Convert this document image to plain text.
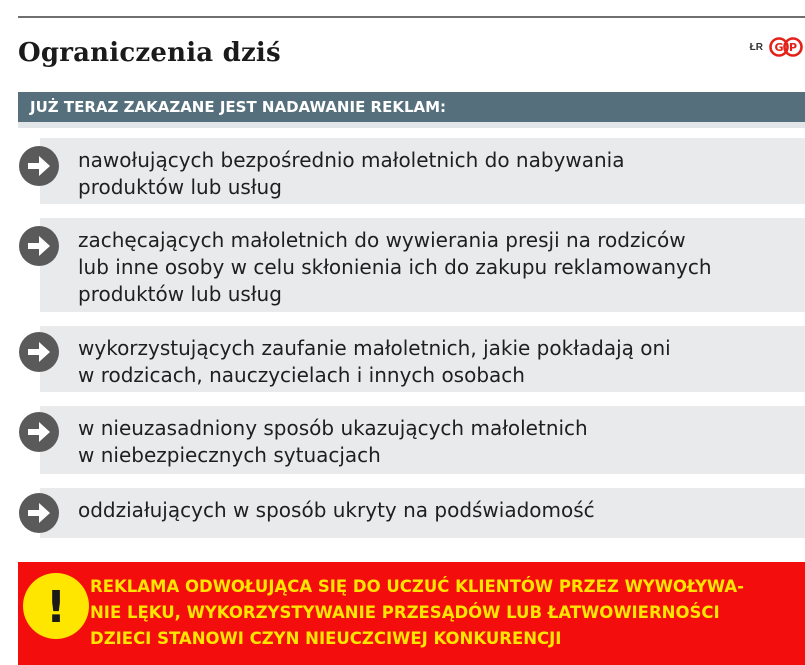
Ograniczenia dziś	ŁR G P
JUŻ TERAZ ZAKAZANE JEST NADAWANIE REKLAM:
nawołujących bezpośrednio małoletnich do nabywania
produktów lub usług
zachęcających małoletnich do wywierania presji na rodziców
lub inne osoby w celu skłonienia ich do zakupu reklamowanych
produktów lub usług
wykorzystujących zaufanie małoletnich, jakie pokładają oni
w rodzicach, nauczycielach i innych osobach
w nieuzasadniony sposób ukazujących małoletnich
w niebezpiecznych sytuacjach
oddziałujących w sposób ukryty na podświadomość
! REKLAMA ODWOŁUJĄCA SIĘ DO UCZUĆ KLIENTÓW PRZEZ WYWOŁYWA-
NIE LĘKU, WYKORZYSTYWANIE PRZESĄDÓW LUB ŁATWOWIERNOŚCI
DZIECI STANOWI CZYN NIEUCZCIWEJ KONKURENCJI
